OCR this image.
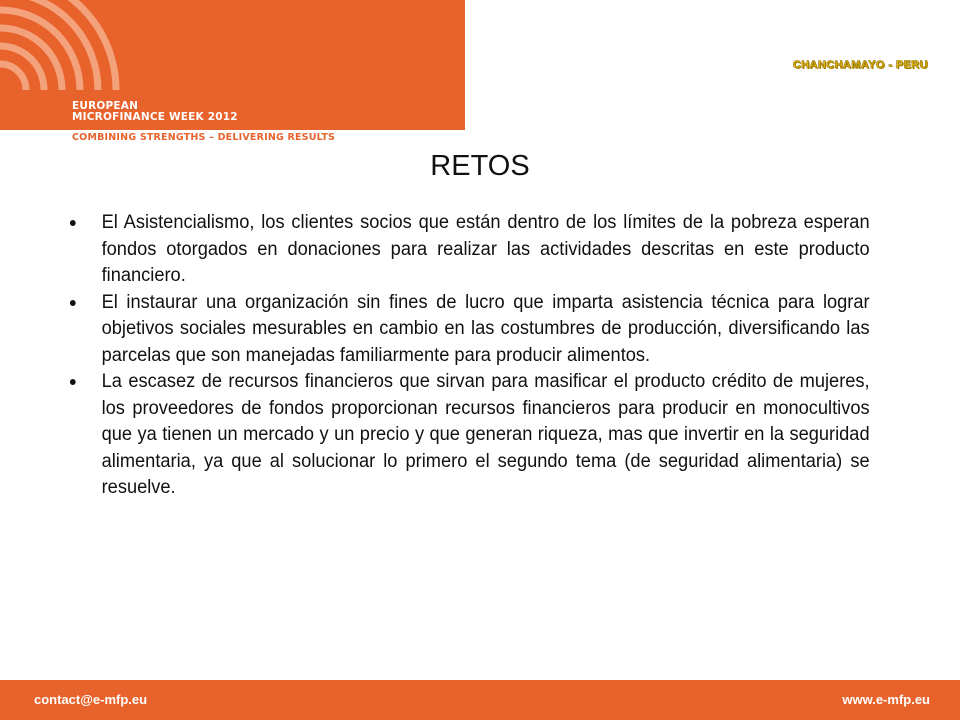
EUROPEAN
MICROFINANCE WEEK 2012
COMBINING STRENGTHS – DELIVERING RESULTS
CHANCHAMAYO - PERU
RETOS
El Asistencialismo, los clientes socios que están dentro de los límites de la pobreza esperan fondos otorgados en donaciones para realizar las actividades descritas en este producto financiero.
El instaurar una organización sin fines de lucro que imparta asistencia técnica para lograr objetivos sociales mesurables en cambio en las costumbres de producción, diversificando las parcelas que son manejadas familiarmente para producir alimentos.
La escasez de recursos financieros que sirvan para masificar el producto crédito de mujeres, los proveedores de fondos proporcionan recursos financieros para producir en monocultivos que ya tienen un mercado y un precio y que generan riqueza, mas que invertir en la seguridad alimentaria, ya que al solucionar lo primero el segundo tema (de seguridad alimentaria) se resuelve.
contact@e-mfp.eu	www.e-mfp.eu
